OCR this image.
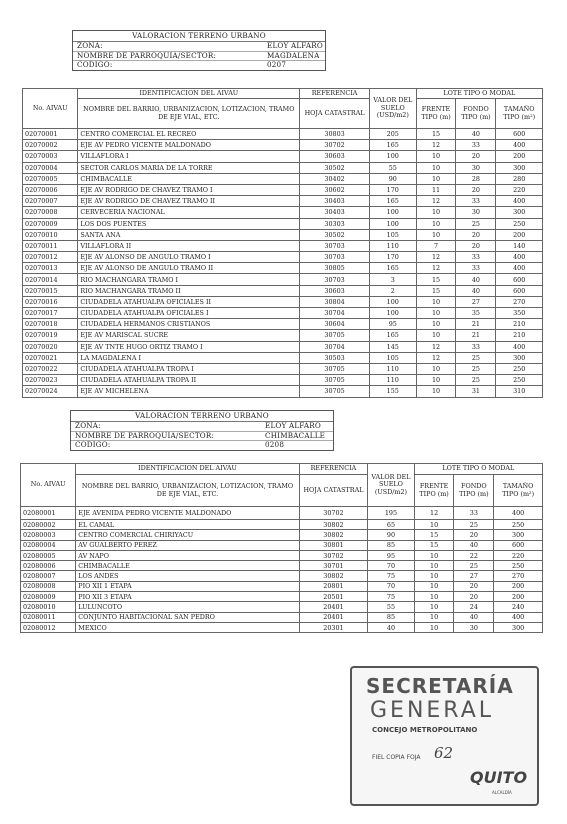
VALORACION TERRENO URBANO
ZONA:	ELOY ALFARO
NOMBRE DE PARROQUIA/SECTOR:	MAGDALENA
CODIGO:	0207
No. AIVAU	IDENTIFICACION DEL AIVAU	REFERENCIA	VALOR DEL SUELO (USD/m2)	LOTE TIPO O MODAL		
	NOMBRE DEL BARRIO, URBANIZACION, LOTIZACION, TRAMO DE EJE VIAL, ETC.	HOJA CATASTRAL		FRENTE TIPO (m)	FONDO TIPO (m)	TAMAÑO TIPO (m²)
02070001	CENTRO COMERCIAL EL RECREO	30803	205	15	40	600
02070002	EJE AV PEDRO VICENTE MALDONADO	30702	165	12	33	400
02070003	VILLAFLORA I	30603	100	10	20	200
02070004	SECTOR CARLOS MARIA DE LA TORRE	30502	55	10	30	300
02070005	CHIMBACALLE	30402	90	10	28	280
02070006	EJE AV RODRIGO DE CHAVEZ TRAMO I	30602	170	11	20	220
02070007	EJE AV RODRIGO DE CHAVEZ TRAMO II	30403	165	12	33	400
02070008	CERVECERIA NACIONAL	30403	100	10	30	300
02070009	LOS DOS PUENTES	30303	100	10	25	250
02070010	SANTA ANA	30502	105	10	20	200
02070011	VILLAFLORA II	30703	110	7	20	140
02070012	EJE AV ALONSO DE ANGULO TRAMO I	30703	170	12	33	400
02070013	EJE AV ALONSO DE ANGULO TRAMO II	30805	165	12	33	400
02070014	RIO MACHANGARA TRAMO I	30703	3	15	40	600
02070015	RIO MACHANGARA TRAMO II	30603	2	15	40	600
02070016	CIUDADELA ATAHUALPA OFICIALES II	30804	100	10	27	270
02070017	CIUDADELA ATAHUALPA OFICIALES I	30704	100	10	35	350
02070018	CIUDADELA HERMANOS CRISTIANOS	30604	95	10	21	210
02070019	EJE AV MARISCAL SUCRE	30705	165	10	21	210
02070020	EJE AV TNTE HUGO ORTIZ TRAMO I	30704	145	12	33	400
02070021	LA MAGDALENA I	30503	105	12	25	300
02070022	CIUDADELA ATAHUALPA TROPA I	30705	110	10	25	250
02070023	CIUDADELA ATAHUALPA TROPA II	30705	110	10	25	250
02070024	EJE AV MICHELENA	30705	155	10	31	310
VALORACION TERRENO URBANO
ZONA:	ELOY ALFARO
NOMBRE DE PARROQUIA/SECTOR:	CHIMBACALLE
CODIGO:	0208
No. AIVAU	IDENTIFICACION DEL AIVAU	REFERENCIA	VALOR DEL SUELO (USD/m2)	LOTE TIPO O MODAL		
	NOMBRE DEL BARRIO, URBANIZACION, LOTIZACION, TRAMO DE EJE VIAL, ETC.	HOJA CATASTRAL		FRENTE TIPO (m)	FONDO TIPO (m)	TAMAÑO TIPO (m²)
02080001	EJE AVENIDA PEDRO VICENTE MALDONADO	30702	195	12	33	400
02080002	EL CAMAL	30802	65	10	25	250
02080003	CENTRO COMERCIAL CHIRIYACU	30802	90	15	20	300
02080004	AV GUALBERTO PEREZ	30801	85	15	40	600
02080005	AV NAPO	30702	95	10	22	220
02080006	CHIMBACALLE	30701	70	10	25	250
02080007	LOS ANDES	30802	75	10	27	270
02080008	PIO XII 1 ETAPA	20801	70	10	20	200
02080009	PIO XII 3 ETAPA	20501	75	10	20	200
02080010	LULUNCOTO	20401	55	10	24	240
02080011	CONJUNTO HABITACIONAL SAN PEDRO	20401	85	10	40	400
02080012	MEXICO	20301	40	10	30	300
SECRETARÍA
GENERAL
CONCEJO METROPOLITANO
FIEL COPIA FOJA 62
QUITO
ALCALDÍA
